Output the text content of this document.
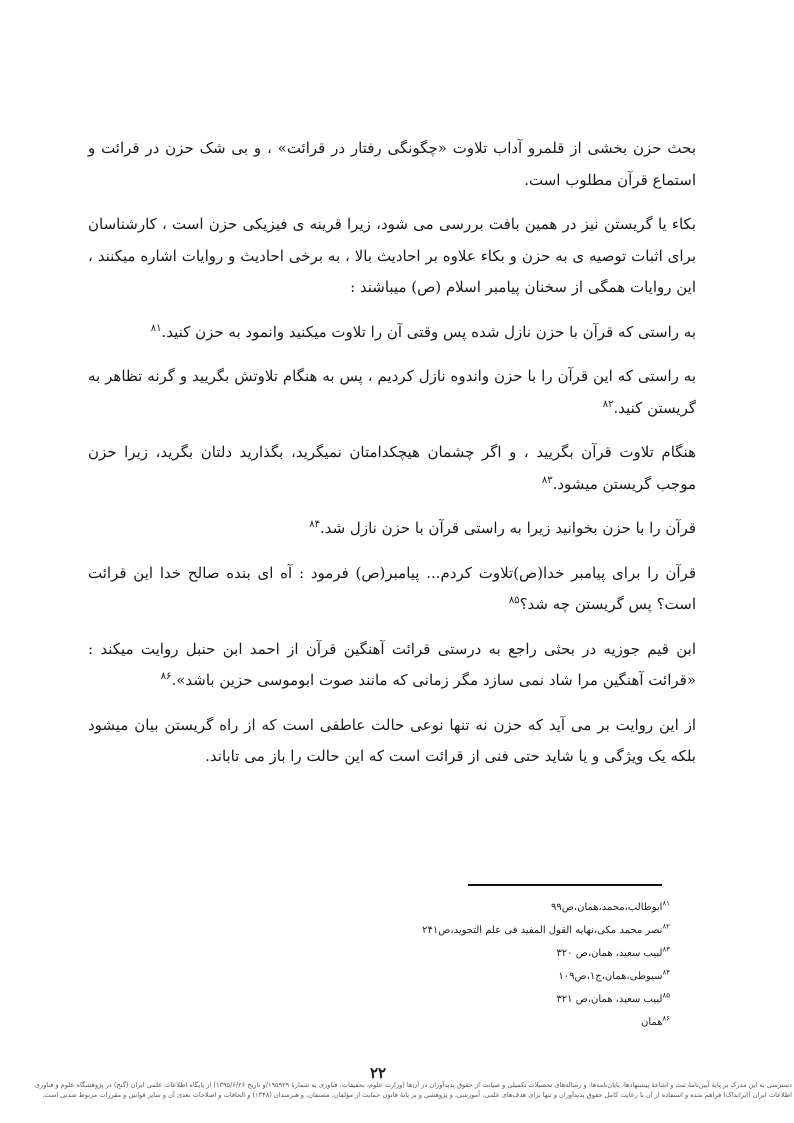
بحث حزن بخشی از قلمرو آداب تلاوت «چگونگی رفتار در قرائت» ، و بی شک حزن در قرائت و استماع قرآن مطلوب است.

بکاء یا گریستن نیز در همین بافت بررسی می شود، زیرا قرینه ی فیزیکی حزن است ، کارشناسان برای اثبات توصیه ی به حزن و بکاء علاوه بر احادیث بالا ، به برخی احادیث و روایات اشاره میکنند ، این روایات همگی از سخنان پیامبر اسلام (ص) میباشند :

به راستی که قرآن با حزن نازل شده پس وقتی آن را تلاوت میکنید وانمود به حزن کنید.$^{۸۱}$

به راستی که این قرآن را با حزن واندوه نازل کردیم ، پس به هنگام تلاوتش بگریید و گرنه تظاهر به گریستن کنید.$^{۸۲}$

هنگام تلاوت قرآن بگریید ، و اگر چشمان هیچکدامتان نمیگرید، بگذارید دلتان بگرید، زیرا حزن موجب گریستن میشود.$^{۸۳}$

قرآن را با حزن بخوانید زیرا به راستی قرآن با حزن نازل شد.$^{۸۴}$

قرآن را برای پیامبر خدا(ص)تلاوت کردم... پیامبر(ص) فرمود : آه ای بنده صالح خدا این قرائت است؟ پس گریستن چه شد؟$^{۸۵}$

ابن قیم جوزیه در بحثی راجع به درستی قرائت آهنگین قرآن از احمد ابن حنبل روایت میکند : «قرائت آهنگین مرا شاد نمی سازد مگر زمانی که مانند صوت ابوموسی حزین باشد».$^{۸۶}$

از این روایت بر می آید که حزن نه تنها نوعی حالت عاطفی است که از راه گریستن بیان میشود بلکه یک ویژگی و یا شاید حتی فنی از قرائت است که این حالت را باز می تاباند.

$^{۸۱}$ابوطالب،محمد،همان،ص۹۹

$^{۸۲}$نصر محمد مکی،نهایه القول المفید فی علم التجوید،ص۲۴۱

$^{۸۳}$لبیب سعید، همان،ص ۳۲۰

$^{۸۴}$سیوطی،همان،ج۱،ص۱۰۹

$^{۸۵}$لبیب سعید، همان،ص ۳۲۱

$^{۸۶}$همان

۲۲

دسترسی به این مدرک بر پایهٔ آیین‌نامهٔ ثبت و اشاعهٔ پیشنهادها، پایان‌نامه‌ها، و رساله‌های تحصیلات تکمیلی و صیانت از حقوق پدیدآوران در آن‌ها (وزارت علوم، تحقیقات، فناوری به شمارهٔ ۱۹۵۹۲۹/و تاریخ ۱۳۹۵/۶/۲۶) از پایگاه اطلاعات علمی ایران (گنج) در پژوهشگاه علوم و فناوری

اطلاعات ایران (ایرانداک) فراهم شده و استفاده از آن با رعایت کامل حقوق پدیدآوران و تنها برای هدف‌های علمی، آموزشی، و پژوهشی و بر پایهٔ قانون حمایت از مؤلفان، مصنفان، و هنرمندان (۱۳۴۸) و الحاقات و اصلاحات بعدی آن و سایر قوانین و مقررات مربوط شدنی است.
